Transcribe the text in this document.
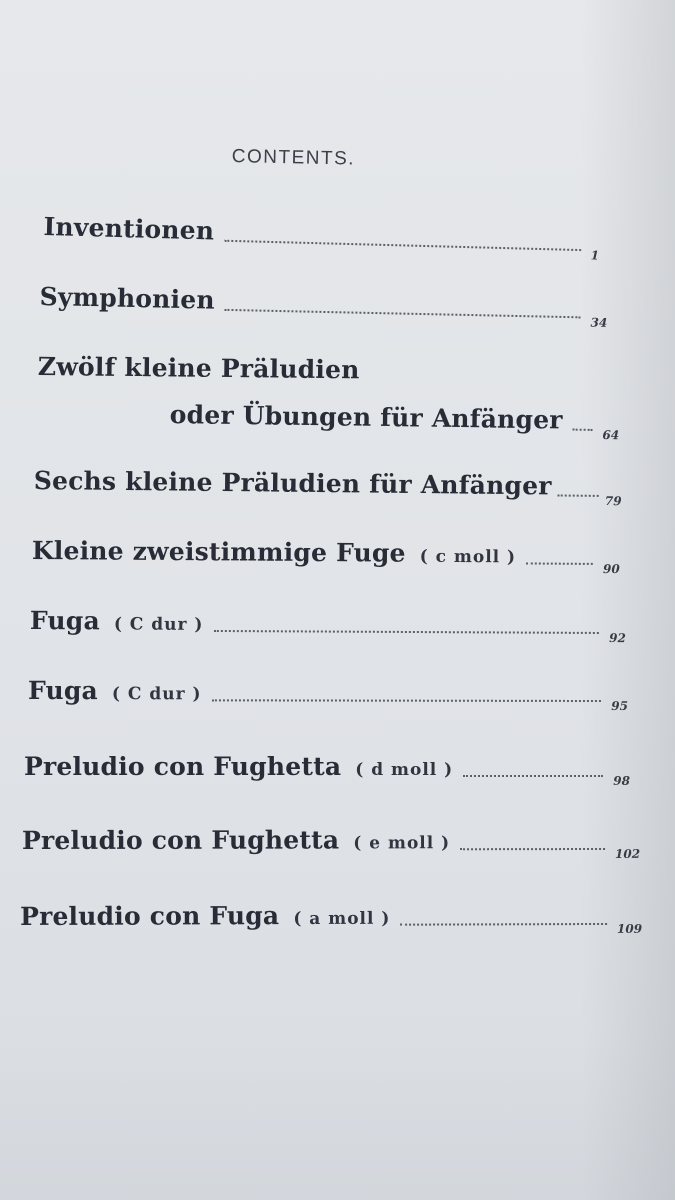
CONTENTS.
Inventionen
1
Symphonien
34
Zwölf kleine Präludien
oder Übungen für Anfänger
64
Sechs kleine Präludien für Anfänger
79
Kleine zweistimmige Fuge ( c moll )
90
Fuga ( C dur )
92
Fuga ( C dur )
95
Preludio con Fughetta ( d moll )
98
Preludio con Fughetta ( e moll )
102
Preludio con Fuga ( a moll )	109
